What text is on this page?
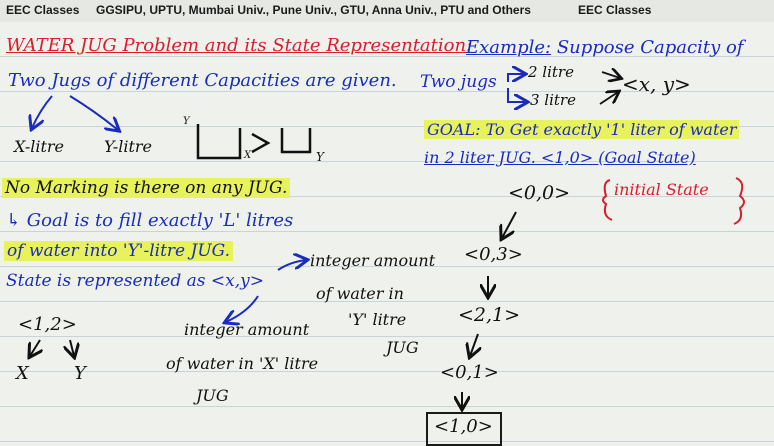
EEC Classes GGSIPU, UPTU, Mumbai Univ., Pune Univ., GTU, Anna Univ., PTU and Others	EEC Classes
WATER JUG Problem and its State Representation:
Two Jugs of different Capacities are given.
X-litre Y-litre
Y
X	Y
No Marking is there on any JUG.
↳ Goal is to fill exactly 'L' litres
of water into 'Y'-litre JUG.
State is represented as <x,y>
integer amount
of water in
'Y' litre
JUG
<1,2>
X	Y
integer amount
of water in 'X' litre
JUG
Example: Suppose Capacity of
Two jugs 2 litre
3 litre
<x, y>
GOAL: To Get exactly '1' liter of water
in 2 liter JUG. <1,0> (Goal State)
<0,0>	initial State
<0,3>
<2,1>
<0,1>
<1,0>
